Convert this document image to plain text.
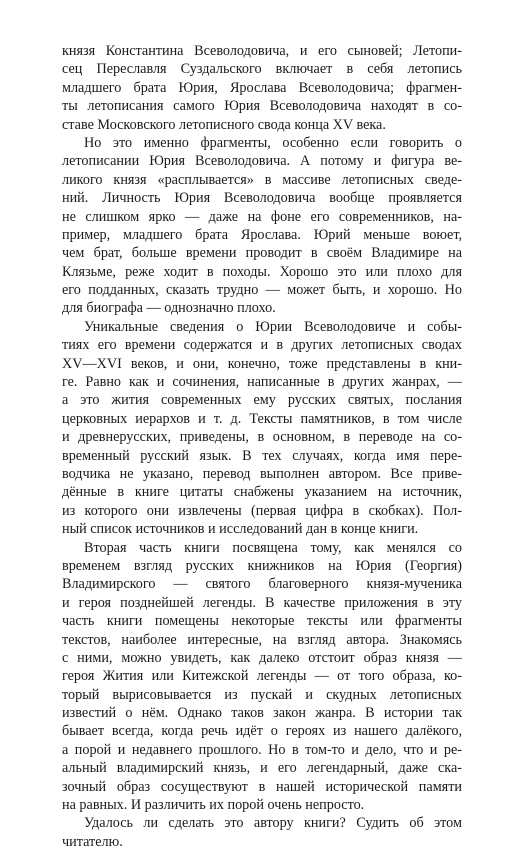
князя Константина Всеволодовича, и его сыновей; Летопи-
сец Переславля Суздальского включает в себя летопись
младшего брата Юрия, Ярослава Всеволодовича; фрагмен-
ты летописания самого Юрия Всеволодовича находят в со-
ставе Московского летописного свода конца XV века.
Но это именно фрагменты, особенно если говорить о
летописании Юрия Всеволодовича. А потому и фигура ве-
ликого князя «расплывается» в массиве летописных сведе-
ний. Личность Юрия Всеволодовича вообще проявляется
не слишком ярко — даже на фоне его современников, на-
пример, младшего брата Ярослава. Юрий меньше воюет,
чем брат, больше времени проводит в своём Владимире на
Клязьме, реже ходит в походы. Хорошо это или плохо для
его подданных, сказать трудно — может быть, и хорошо. Но
для биографа — однозначно плохо.
Уникальные сведения о Юрии Всеволодовиче и собы-
тиях его времени содержатся и в других летописных сводах
XV—XVI веков, и они, конечно, тоже представлены в кни-
ге. Равно как и сочинения, написанные в других жанрах, —
а это жития современных ему русских святых, послания
церковных иерархов и т. д. Тексты памятников, в том числе
и древнерусских, приведены, в основном, в переводе на со-
временный русский язык. В тех случаях, когда имя пере-
водчика не указано, перевод выполнен автором. Все приве-
дённые в книге цитаты снабжены указанием на источник,
из которого они извлечены (первая цифра в скобках). Пол-
ный список источников и исследований дан в конце книги.
Вторая часть книги посвящена тому, как менялся со
временем взгляд русских книжников на Юрия (Георгия)
Владимирского — святого благоверного князя-мученика
и героя позднейшей легенды. В качестве приложения в эту
часть книги помещены некоторые тексты или фрагменты
текстов, наиболее интересные, на взгляд автора. Знакомясь
с ними, можно увидеть, как далеко отстоит образ князя —
героя Жития или Китежской легенды — от того образа, ко-
торый вырисовывается из пускай и скудных летописных
известий о нём. Однако таков закон жанра. В истории так
бывает всегда, когда речь идёт о героях из нашего далёкого,
а порой и недавнего прошлого. Но в том-то и дело, что и ре-
альный владимирский князь, и его легендарный, даже ска-
зочный образ сосуществуют в нашей исторической памяти
на равных. И различить их порой очень непросто.
Удалось ли сделать это автору книги? Судить об этом
читателю.
